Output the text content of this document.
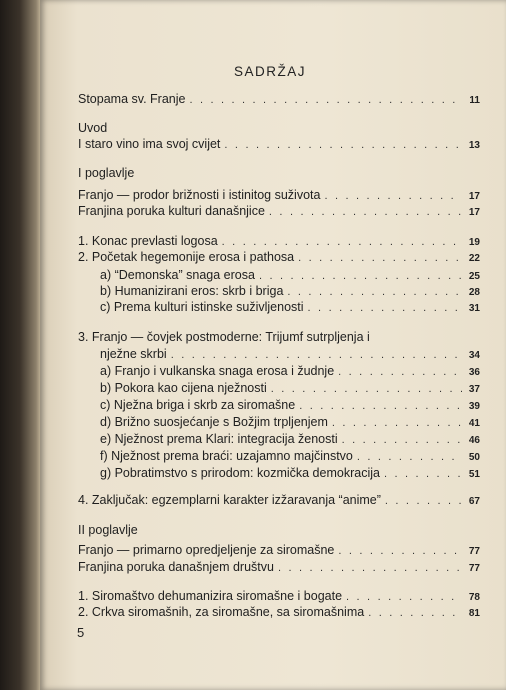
SADRŽAJ
Stopama sv. Franje . . .	11
Uvod
I staro vino ima svoj cvijet . . .	13
I poglavlje
Franjo — prodor brižnosti i istinitog suživota . . .	17
Franjina poruka kulturi današnjice . . .	17
1. Konac prevlasti logosa . . .	19
2. Početak hegemonije erosa i pathosa . . .	22
a) “Demonska” snaga erosa . . .	25
b) Humanizirani eros: skrb i briga . . .	28
c) Prema kulturi istinske suživljenosti . . .	31
3. Franjo — čovjek postmoderne: Trijumf sutrpljenja i
nježne skrbi . . .	34
a) Franjo i vulkanska snaga erosa i žudnje . . .	36
b) Pokora kao cijena nježnosti . . .	37
c) Nježna briga i skrb za siromašne . . .	39
d) Brižno suosjećanje s Božjim trpljenjem . . .	41
e) Nježnost prema Klari: integracija ženosti . . .	46
f) Nježnost prema braći: uzajamno majčinstvo . . .	50
g) Pobratimstvo s prirodom: kozmička demokracija . . .	51
4. Zaključak: egzemplarni karakter izžaravanja “anime” . . .	67
II poglavlje
Franjo — primarno opredjeljenje za siromašne . . .	77
Franjina poruka današnjem društvu . . .	77
1. Siromaštvo dehumanizira siromašne i bogate . . .	78
2. Crkva siromašnih, za siromašne, sa siromašnima . . .	81
5
